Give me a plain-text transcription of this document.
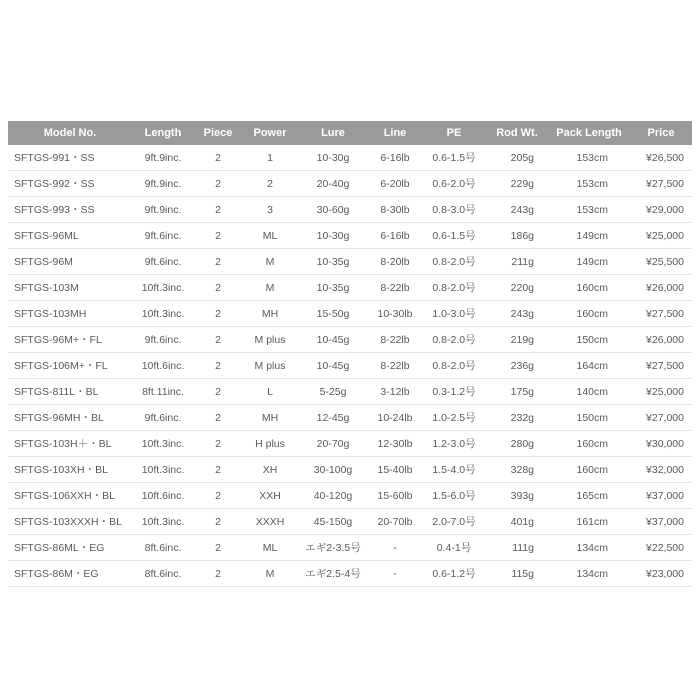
Model No.	Length	Piece	Power	Lure	Line	PE	Rod Wt.	Pack Length	Price
SFTGS-991・SS	9ft.9inc.	2	1	10-30g	6-16lb	0.6-1.5号	205g	153cm	¥26,500
SFTGS-992・SS	9ft.9inc.	2	2	20-40g	6-20lb	0.6-2.0号	229g	153cm	¥27,500
SFTGS-993・SS	9ft.9inc.	2	3	30-60g	8-30lb	0.8-3.0号	243g	153cm	¥29,000
SFTGS-96ML	9ft.6inc.	2	ML	10-30g	6-16lb	0.6-1.5号	186g	149cm	¥25,000
SFTGS-96M	9ft.6inc.	2	M	10-35g	8-20lb	0.8-2.0号	211g	149cm	¥25,500
SFTGS-103M	10ft.3inc.	2	M	10-35g	8-22lb	0.8-2.0号	220g	160cm	¥26,000
SFTGS-103MH	10ft.3inc.	2	MH	15-50g	10-30lb	1.0-3.0号	243g	160cm	¥27,500
SFTGS-96M+・FL	9ft.6inc.	2	M plus	10-45g	8-22lb	0.8-2.0号	219g	150cm	¥26,000
SFTGS-106M+・FL	10ft.6inc.	2	M plus	10-45g	8-22lb	0.8-2.0号	236g	164cm	¥27,500
SFTGS-811L・BL	8ft.11inc.	2	L	5-25g	3-12lb	0.3-1.2号	175g	140cm	¥25,000
SFTGS-96MH・BL	9ft.6inc.	2	MH	12-45g	10-24lb	1.0-2.5号	232g	150cm	¥27,000
SFTGS-103H＋・BL	10ft.3inc.	2	H plus	20-70g	12-30lb	1.2-3.0号	280g	160cm	¥30,000
SFTGS-103XH・BL	10ft.3inc.	2	XH	30-100g	15-40lb	1.5-4.0号	328g	160cm	¥32,000
SFTGS-106XXH・BL	10ft.6inc.	2	XXH	40-120g	15-60lb	1.5-6.0号	393g	165cm	¥37,000
SFTGS-103XXXH・BL	10ft.3inc.	2	XXXH	45-150g	20-70lb	2.0-7.0号	401g	161cm	¥37,000
SFTGS-86ML・EG	8ft.6inc.	2	ML	エギ2-3.5号	-	0.4-1号	111g	134cm	¥22,500
SFTGS-86M・EG	8ft.6inc.	2	M	エギ2.5-4号	-	0.6-1.2号	115g	134cm	¥23,000
